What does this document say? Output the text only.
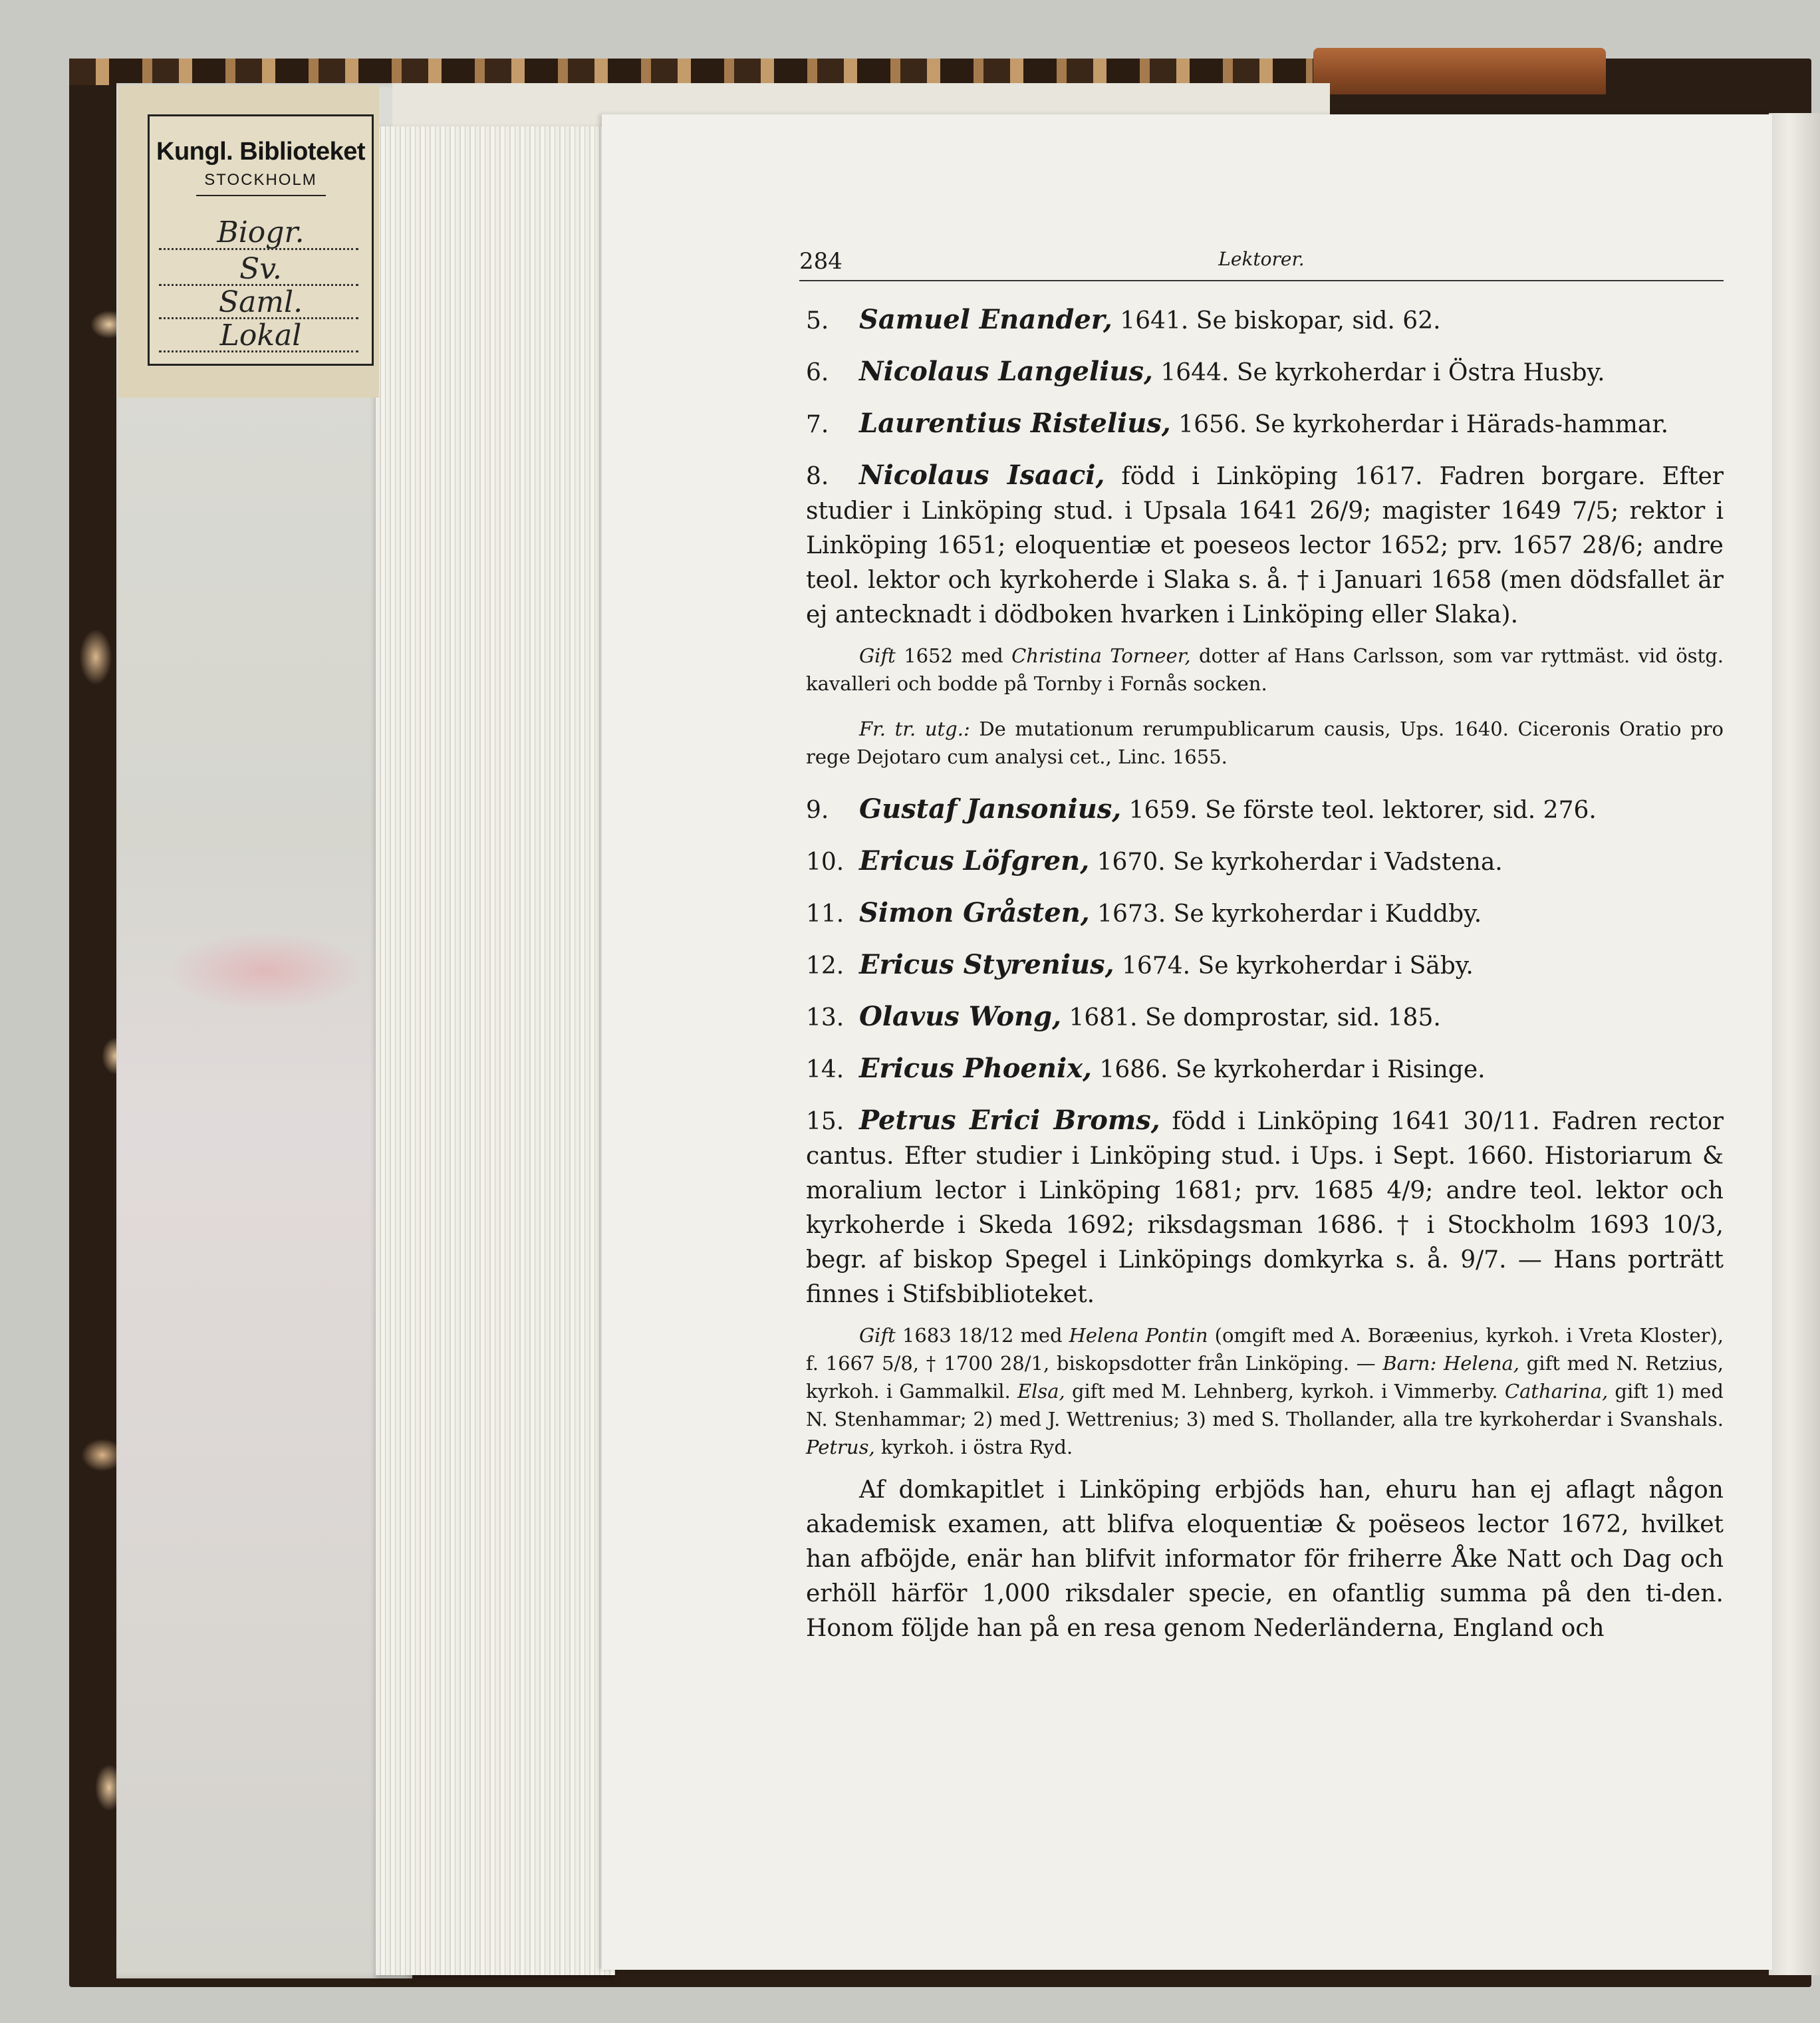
Kungl. Biblioteket
STOCKHOLM
Biogr.
Sv.
Saml.
Lokal
284	Lektorer.

5. Samuel Enander, 1641. Se biskopar, sid. 62.

6. Nicolaus Langelius, 1644. Se kyrkoherdar i Östra Husby.

7. Laurentius Ristelius, 1656. Se kyrkoherdar i Härads-hammar.

8. Nicolaus Isaaci, född i Linköping 1617. Fadren borgare. Efter studier i Linköping stud. i Upsala 1641 26/9; magister 1649 7/5; rektor i Linköping 1651; eloquentiæ et poeseos lector 1652; prv. 1657 28/6; andre teol. lektor och kyrkoherde i Slaka s. å. † i Januari 1658 (men dödsfallet är ej antecknadt i dödboken hvarken i Linköping eller Slaka).

Gift 1652 med Christina Torneer, dotter af Hans Carlsson, som var ryttmäst. vid östg. kavalleri och bodde på Tornby i Fornås socken.

Fr. tr. utg.: De mutationum rerumpublicarum causis, Ups. 1640. Ciceronis Oratio pro rege Dejotaro cum analysi cet., Linc. 1655.

9. Gustaf Jansonius, 1659. Se förste teol. lektorer, sid. 276.

10. Ericus Löfgren, 1670. Se kyrkoherdar i Vadstena.

11. Simon Gråsten, 1673. Se kyrkoherdar i Kuddby.

12. Ericus Styrenius, 1674. Se kyrkoherdar i Säby.

13. Olavus Wong, 1681. Se domprostar, sid. 185.

14. Ericus Phoenix, 1686. Se kyrkoherdar i Risinge.

15. Petrus Erici Broms, född i Linköping 1641 30/11. Fadren rector cantus. Efter studier i Linköping stud. i Ups. i Sept. 1660. Historiarum & moralium lector i Linköping 1681; prv. 1685 4/9; andre teol. lektor och kyrkoherde i Skeda 1692; riksdagsman 1686. † i Stockholm 1693 10/3, begr. af biskop Spegel i Linköpings domkyrka s. å. 9/7. — Hans porträtt finnes i Stifsbiblioteket.

Gift 1683 18/12 med Helena Pontin (omgift med A. Boræenius, kyrkoh. i Vreta Kloster), f. 1667 5/8, † 1700 28/1, biskopsdotter från Linköping. — Barn: Helena, gift med N. Retzius, kyrkoh. i Gammalkil. Elsa, gift med M. Lehnberg, kyrkoh. i Vimmerby. Catharina, gift 1) med N. Stenhammar; 2) med J. Wettrenius; 3) med S. Thollander, alla tre kyrkoherdar i Svanshals. Petrus, kyrkoh. i östra Ryd.

Af domkapitlet i Linköping erbjöds han, ehuru han ej aflagt någon akademisk examen, att blifva eloquentiæ & poëseos lector 1672, hvilket han afböjde, enär han blifvit informator för friherre Åke Natt och Dag och erhöll härför 1,000 riksdaler specie, en ofantlig summa på den ti-den. Honom följde han på en resa genom Nederländerna, England och
